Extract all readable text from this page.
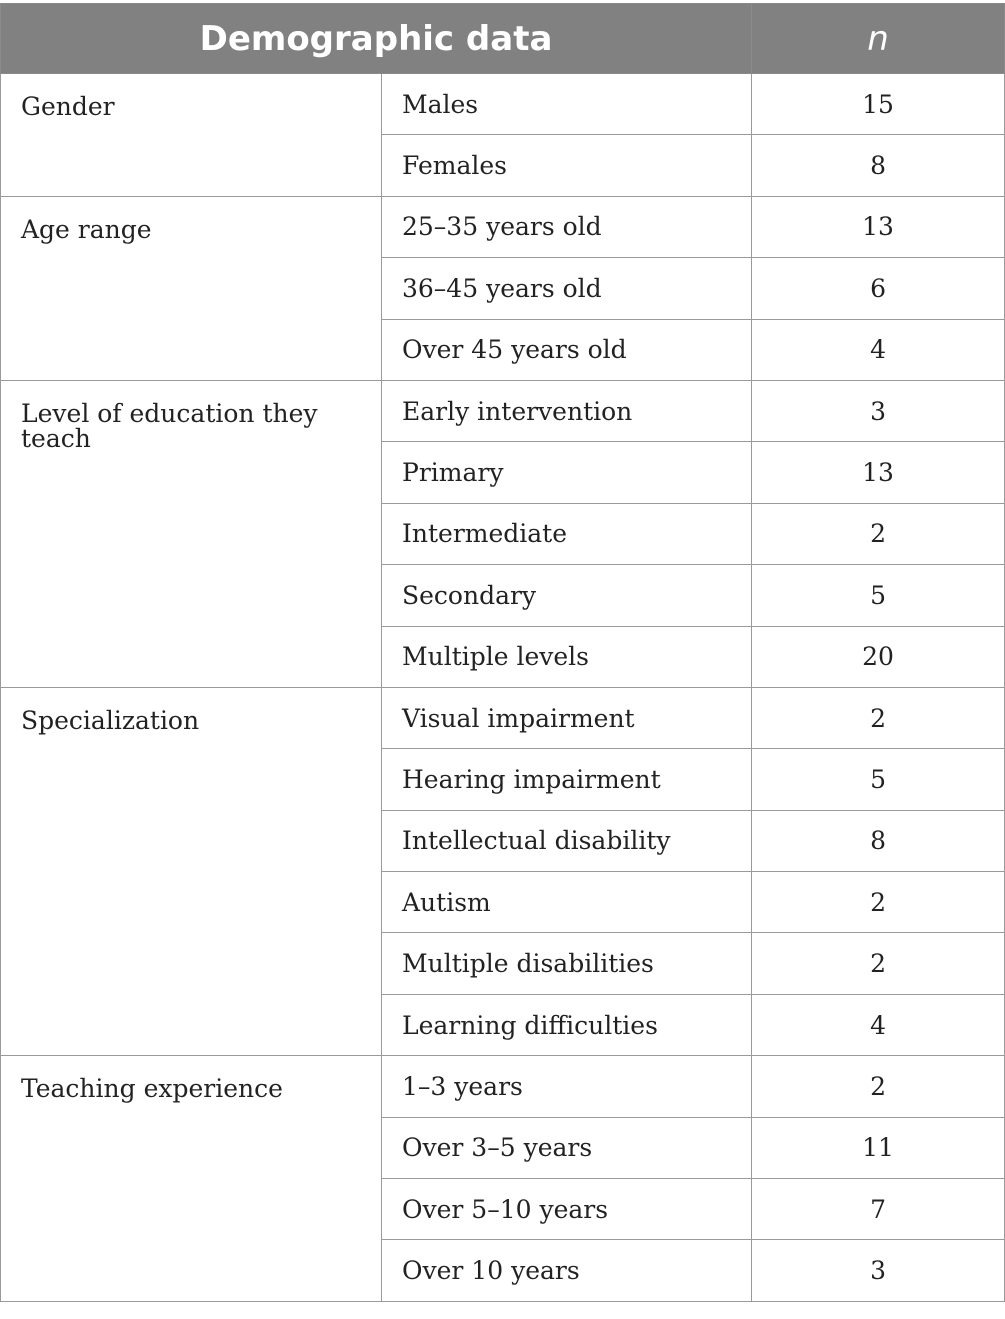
Demographic data		n
Gender	Males	15
	Females	8
Age range	25–35 years old	13
	36–45 years old	6
	Over 45 years old	4
Level of education they teach	Early intervention	3
	Primary	13
	Intermediate	2
	Secondary	5
	Multiple levels	20
Specialization	Visual impairment	2
	Hearing impairment	5
	Intellectual disability	8
	Autism	2
	Multiple disabilities	2
	Learning difficulties	4
Teaching experience	1–3 years	2
	Over 3–5 years	11
	Over 5–10 years	7
	Over 10 years	3
